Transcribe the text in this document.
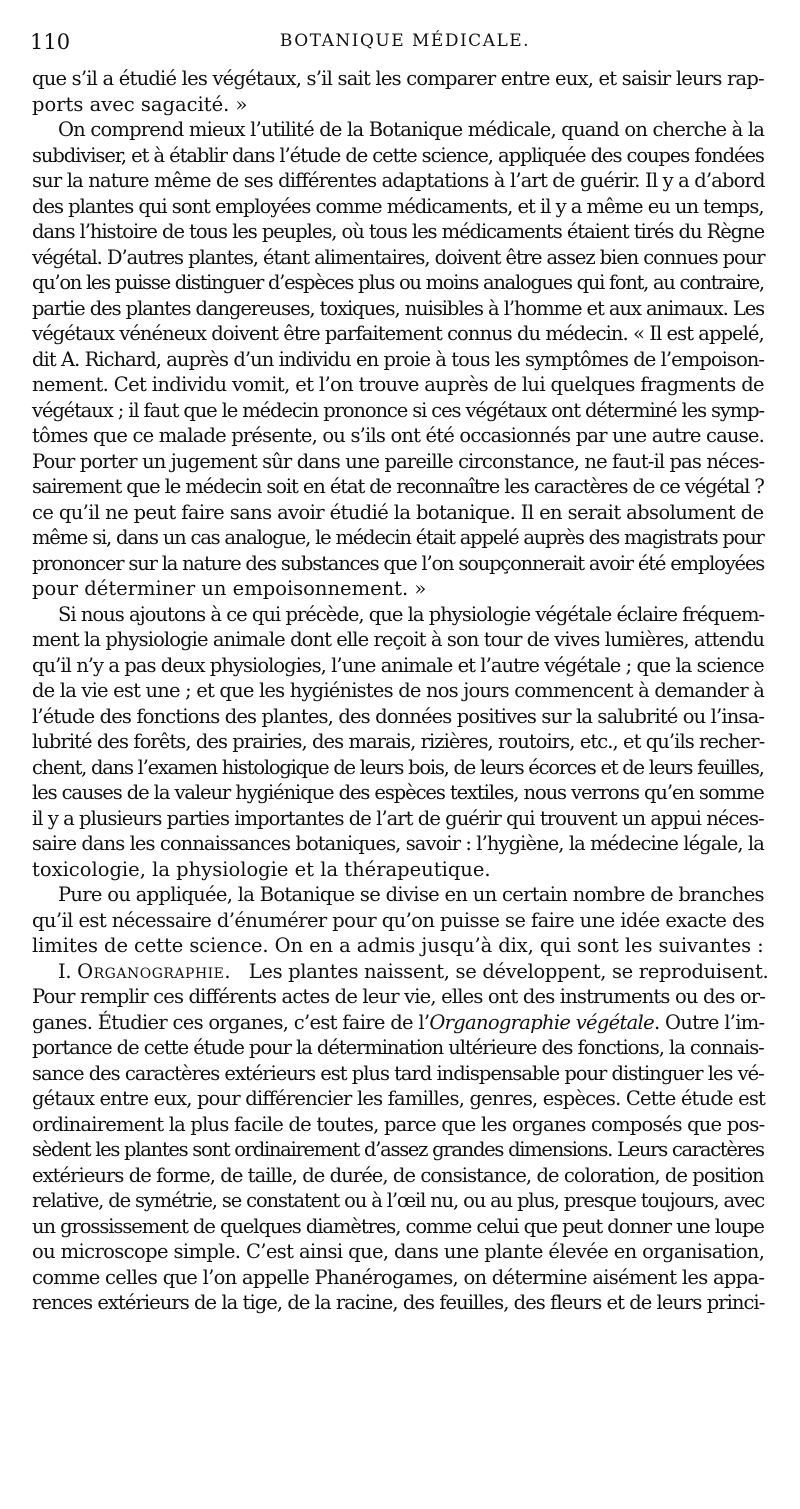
110	BOTANIQUE MÉDICALE.
que s’il a étudié les végétaux, s’il sait les comparer entre eux, et saisir leurs rap-
ports avec sagacité. »
On comprend mieux l’utilité de la Botanique médicale, quand on cherche à la
subdiviser, et à établir dans l’étude de cette science, appliquée des coupes fondées
sur la nature même de ses différentes adaptations à l’art de guérir. Il y a d’abord
des plantes qui sont employées comme médicaments, et il y a même eu un temps,
dans l’histoire de tous les peuples, où tous les médicaments étaient tirés du Règne
végétal. D’autres plantes, étant alimentaires, doivent être assez bien connues pour
qu’on les puisse distinguer d’espèces plus ou moins analogues qui font, au contraire,
partie des plantes dangereuses, toxiques, nuisibles à l’homme et aux animaux. Les
végétaux vénéneux doivent être parfaitement connus du médecin. « Il est appelé,
dit A. Richard, auprès d’un individu en proie à tous les symptômes de l’empoison-
nement. Cet individu vomit, et l’on trouve auprès de lui quelques fragments de
végétaux ; il faut que le médecin prononce si ces végétaux ont déterminé les symp-
tômes que ce malade présente, ou s’ils ont été occasionnés par une autre cause.
Pour porter un jugement sûr dans une pareille circonstance, ne faut-il pas néces-
sairement que le médecin soit en état de reconnaître les caractères de ce végétal ?
ce qu’il ne peut faire sans avoir étudié la botanique. Il en serait absolument de
même si, dans un cas analogue, le médecin était appelé auprès des magistrats pour
prononcer sur la nature des substances que l’on soupçonnerait avoir été employées
pour déterminer un empoisonnement. »
Si nous ajoutons à ce qui précède, que la physiologie végétale éclaire fréquem-
ment la physiologie animale dont elle reçoit à son tour de vives lumières, attendu
qu’il n’y a pas deux physiologies, l’une animale et l’autre végétale ; que la science
de la vie est une ; et que les hygiénistes de nos jours commencent à demander à
l’étude des fonctions des plantes, des données positives sur la salubrité ou l’insa-
lubrité des forêts, des prairies, des marais, rizières, routoirs, etc., et qu’ils recher-
chent, dans l’examen histologique de leurs bois, de leurs écorces et de leurs feuilles,
les causes de la valeur hygiénique des espèces textiles, nous verrons qu’en somme
il y a plusieurs parties importantes de l’art de guérir qui trouvent un appui néces-
saire dans les connaissances botaniques, savoir : l’hygiène, la médecine légale, la
toxicologie, la physiologie et la thérapeutique.
Pure ou appliquée, la Botanique se divise en un certain nombre de branches
qu’il est nécessaire d’énumérer pour qu’on puisse se faire une idée exacte des
limites de cette science. On en a admis jusqu’à dix, qui sont les suivantes :
I. Organographie. Les plantes naissent, se développent, se reproduisent.
Pour remplir ces différents actes de leur vie, elles ont des instruments ou des or-
ganes. Étudier ces organes, c’est faire de l’Organographie végétale. Outre l’im-
portance de cette étude pour la détermination ultérieure des fonctions, la connais-
sance des caractères extérieurs est plus tard indispensable pour distinguer les vé-
gétaux entre eux, pour différencier les familles, genres, espèces. Cette étude est
ordinairement la plus facile de toutes, parce que les organes composés que pos-
sèdent les plantes sont ordinairement d’assez grandes dimensions. Leurs caractères
extérieurs de forme, de taille, de durée, de consistance, de coloration, de position
relative, de symétrie, se constatent ou à l’œil nu, ou au plus, presque toujours, avec
un grossissement de quelques diamètres, comme celui que peut donner une loupe
ou microscope simple. C’est ainsi que, dans une plante élevée en organisation,
comme celles que l’on appelle Phanérogames, on détermine aisément les appa-
rences extérieurs de la tige, de la racine, des feuilles, des fleurs et de leurs princi-
